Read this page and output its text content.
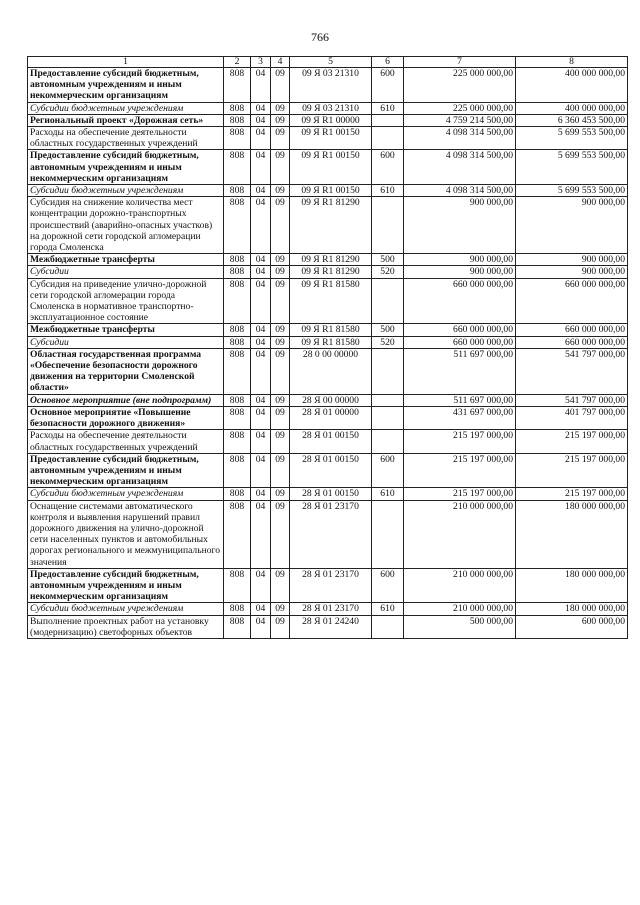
766
1	2	3	4	5	6	7	8
Предоставление субсидий бюджетным, автономным учреждениям и иным некоммерческим организациям	808	04	09	09 Я 03 21310	600	225 000 000,00	400 000 000,00
Субсидии бюджетным учреждениям	808	04	09	09 Я 03 21310	610	225 000 000,00	400 000 000,00
Региональный проект «Дорожная сеть»	808	04	09	09 Я R1 00000		4 759 214 500,00	6 360 453 500,00
Расходы на обеспечение деятельности областных государственных учреждений	808	04	09	09 Я R1 00150		4 098 314 500,00	5 699 553 500,00
Предоставление субсидий бюджетным, автономным учреждениям и иным некоммерческим организациям	808	04	09	09 Я R1 00150	600	4 098 314 500,00	5 699 553 500,00
Субсидии бюджетным учреждениям	808	04	09	09 Я R1 00150	610	4 098 314 500,00	5 699 553 500,00
Субсидия на снижение количества мест концентрации дорожно-транспортных происшествий (аварийно-опасных участков) на дорожной сети городской агломерации города Смоленска	808	04	09	09 Я R1 81290		900 000,00	900 000,00
Межбюджетные трансферты	808	04	09	09 Я R1 81290	500	900 000,00	900 000,00
Субсидии	808	04	09	09 Я R1 81290	520	900 000,00	900 000,00
Субсидия на приведение улично-дорожной сети городской агломерации города Смоленска в нормативное транспортно-эксплуатационное состояние	808	04	09	09 Я R1 81580		660 000 000,00	660 000 000,00
Межбюджетные трансферты	808	04	09	09 Я R1 81580	500	660 000 000,00	660 000 000,00
Субсидии	808	04	09	09 Я R1 81580	520	660 000 000,00	660 000 000,00
Областная государственная программа «Обеспечение безопасности дорожного движения на территории Смоленской области»	808	04	09	28 0 00 00000		511 697 000,00	541 797 000,00
Основное мероприятие (вне подпрограмм)	808	04	09	28 Я 00 00000		511 697 000,00	541 797 000,00
Основное мероприятие «Повышение безопасности дорожного движения»	808	04	09	28 Я 01 00000		431 697 000,00	401 797 000,00
Расходы на обеспечение деятельности областных государственных учреждений	808	04	09	28 Я 01 00150		215 197 000,00	215 197 000,00
Предоставление субсидий бюджетным, автономным учреждениям и иным некоммерческим организациям	808	04	09	28 Я 01 00150	600	215 197 000,00	215 197 000,00
Субсидии бюджетным учреждениям	808	04	09	28 Я 01 00150	610	215 197 000,00	215 197 000,00
Оснащение системами автоматического контроля и выявления нарушений правил дорожного движения на улично-дорожной сети населенных пунктов и автомобильных дорогах регионального и межмуниципального значения	808	04	09	28 Я 01 23170		210 000 000,00	180 000 000,00
Предоставление субсидий бюджетным, автономным учреждениям и иным некоммерческим организациям	808	04	09	28 Я 01 23170	600	210 000 000,00	180 000 000,00
Субсидии бюджетным учреждениям	808	04	09	28 Я 01 23170	610	210 000 000,00	180 000 000,00
Выполнение проектных работ на установку (модернизацию) светофорных объектов	808	04	09	28 Я 01 24240		500 000,00	600 000,00
